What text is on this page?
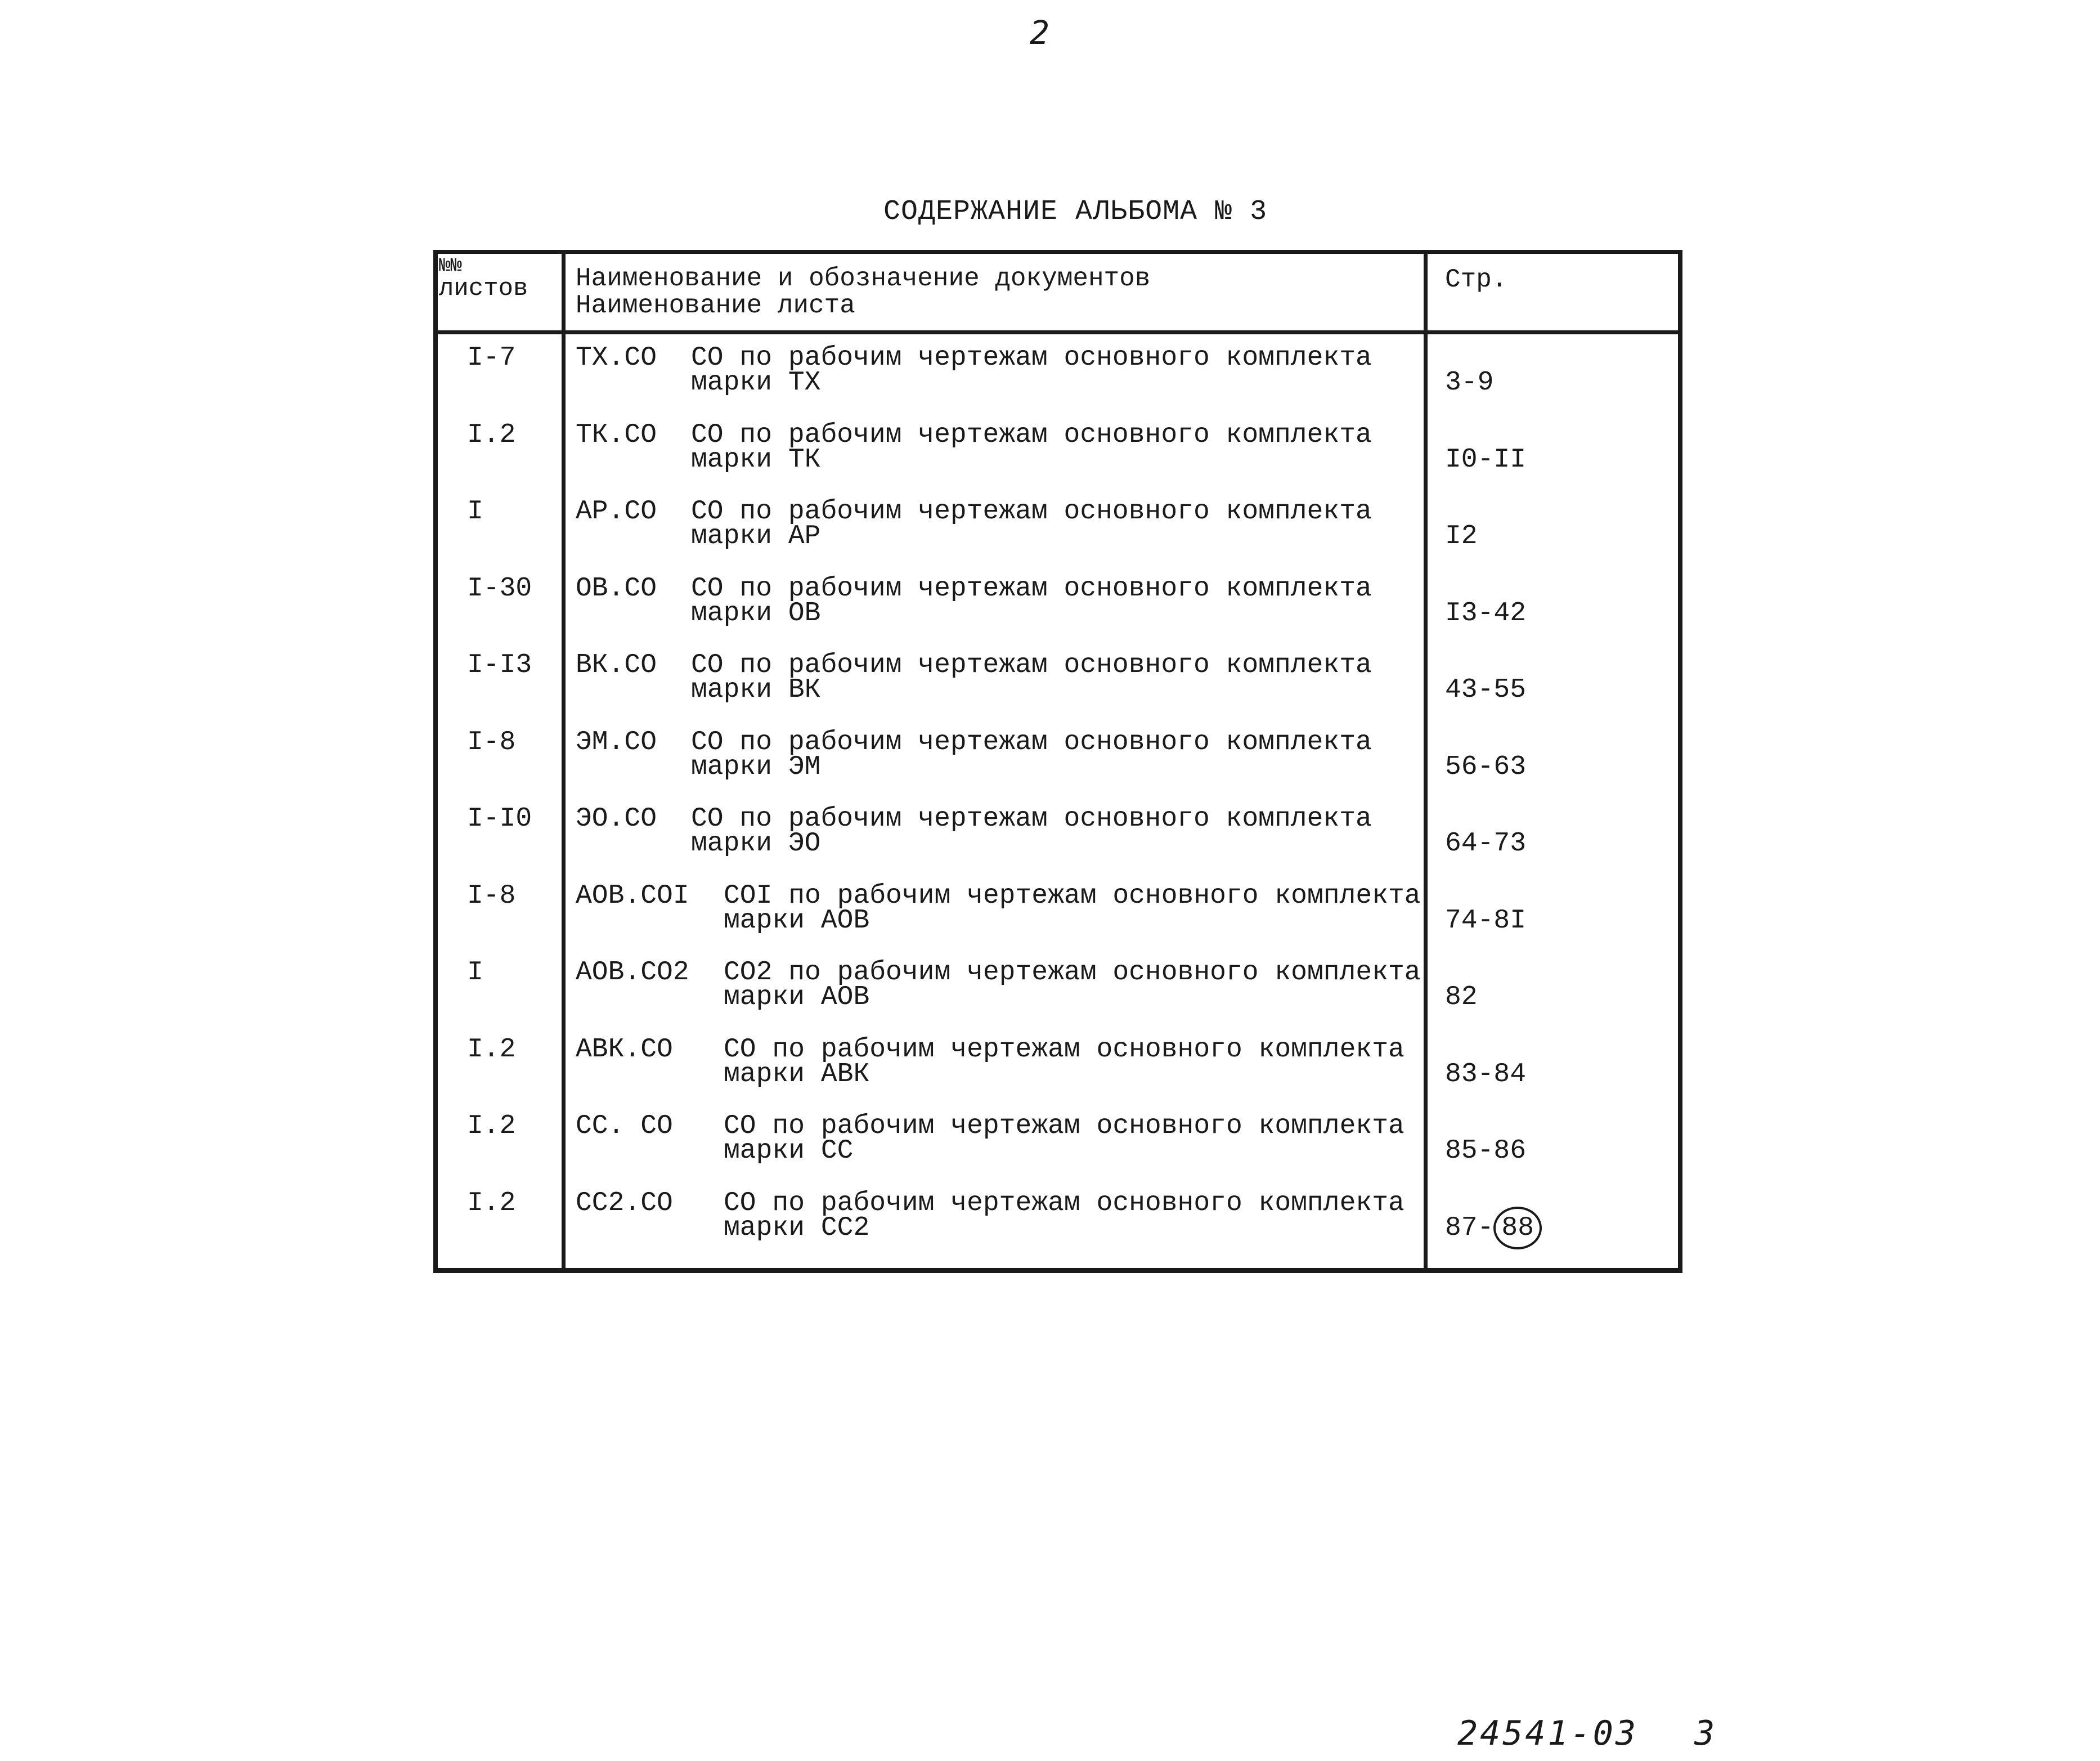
2
СОДЕРЖАНИЕ АЛЬБОМА № 3
№№
листов Наименование и обозначение документов
Наименование листа
Стр.
I-7 ТХ.СО СО по рабочим чертежам основного комплекта
марки ТХ	3-9
I.2 ТК.СО СО по рабочим чертежам основного комплекта
марки ТК	I0-II
I	АР.СО СО по рабочим чертежам основного комплекта
марки АР	I2
I-30 ОВ.СО СО по рабочим чертежам основного комплекта
марки ОВ	I3-42
I-I3 ВК.СО СО по рабочим чертежам основного комплекта
марки ВК	43-55
I-8 ЭМ.СО СО по рабочим чертежам основного комплекта
марки ЭМ	56-63
I-I0 ЭО.СО СО по рабочим чертежам основного комплекта
марки ЭО	64-73
I-8 АОВ.СОI СОI по рабочим чертежам основного комплекта
марки АОВ	74-8I
I	АОВ.СО2 СО2 по рабочим чертежам основного комплекта
марки АОВ	82
I.2 АВК.СО СО по рабочим чертежам основного комплекта
марки АВК	83-84
I.2 СС. СО СО по рабочим чертежам основного комплекта
марки СС	85-86
I.2 СС2.СО СО по рабочим чертежам основного комплекта
марки СС2	87- 88
24541-03 3
